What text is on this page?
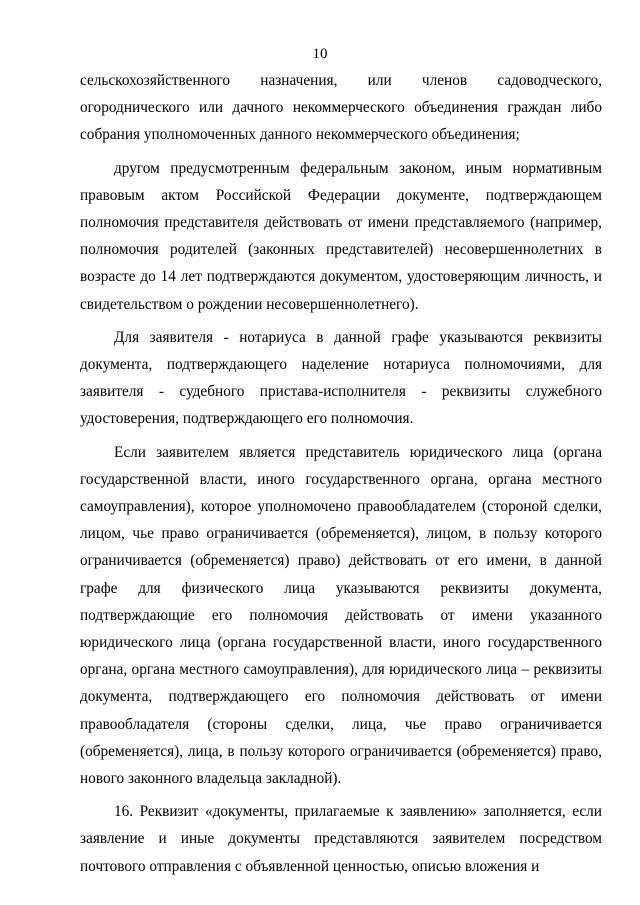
10

сельскохозяйственного назначения, или членов садоводческого, огороднического или дачного некоммерческого объединения граждан либо собрания уполномоченных данного некоммерческого объединения;

другом предусмотренным федеральным законом, иным нормативным правовым актом Российской Федерации документе, подтверждающем полномочия представителя действовать от имени представляемого (например, полномочия родителей (законных представителей) несовершеннолетних в возрасте до 14 лет подтверждаются документом, удостоверяющим личность, и свидетельством о рождении несовершеннолетнего).

Для заявителя - нотариуса в данной графе указываются реквизиты документа, подтверждающего наделение нотариуса полномочиями, для заявителя - судебного пристава-исполнителя - реквизиты служебного удостоверения, подтверждающего его полномочия.

Если заявителем является представитель юридического лица (органа государственной власти, иного государственного органа, органа местного самоуправления), которое уполномочено правообладателем (стороной сделки, лицом, чье право ограничивается (обременяется), лицом, в пользу которого ограничивается (обременяется) право) действовать от его имени, в данной графе для физического лица указываются реквизиты документа, подтверждающие его полномочия действовать от имени указанного юридического лица (органа государственной власти, иного государственного органа, органа местного самоуправления), для юридического лица – реквизиты документа, подтверждающего его полномочия действовать от имени правообладателя (стороны сделки, лица, чье право ограничивается (обременяется), лица, в пользу которого ограничивается (обременяется) право, нового законного владельца закладной).

16. Реквизит «документы, прилагаемые к заявлению» заполняется, если заявление и иные документы представляются заявителем посредством почтового отправления с объявленной ценностью, описью вложения и
